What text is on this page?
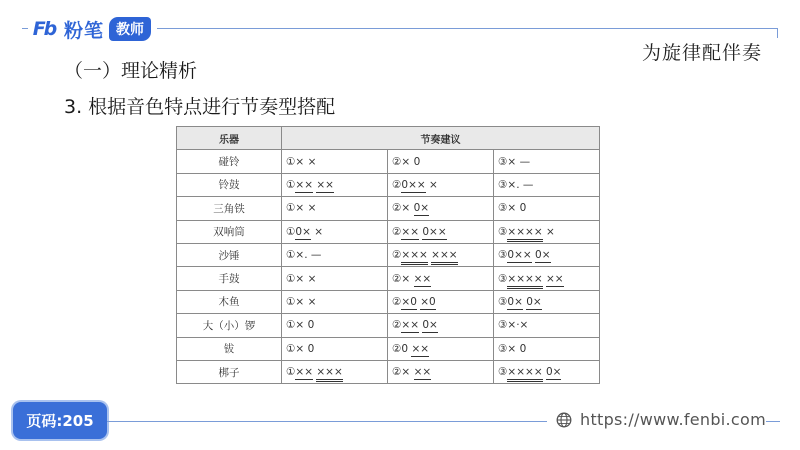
Fb 粉笔 教师
为旋律配伴奏
（一）理论精析
3. 根据音色特点进行节奏型搭配
乐器	节奏建议		
碰铃	①× ×	②× 0	③× —
铃鼓	①×× ××	②0×× ×	③×. —
三角铁	①× ×	②× 0×	③× 0
双响筒	①0× ×	②×× 0××	③×××× ×
沙锤	①×. —	②××× ×××	③0×× 0×
手鼓	①× ×	②× ××	③×××× ××
木鱼	①× ×	②×0 ×0	③0× 0×
大（小）锣	①× 0	②×× 0×	③×·×
钹	①× 0	②0 ××	③× 0
梆子	①×× ×××	②× ××	③×××× 0×
页码:205	https://www.fenbi.com
